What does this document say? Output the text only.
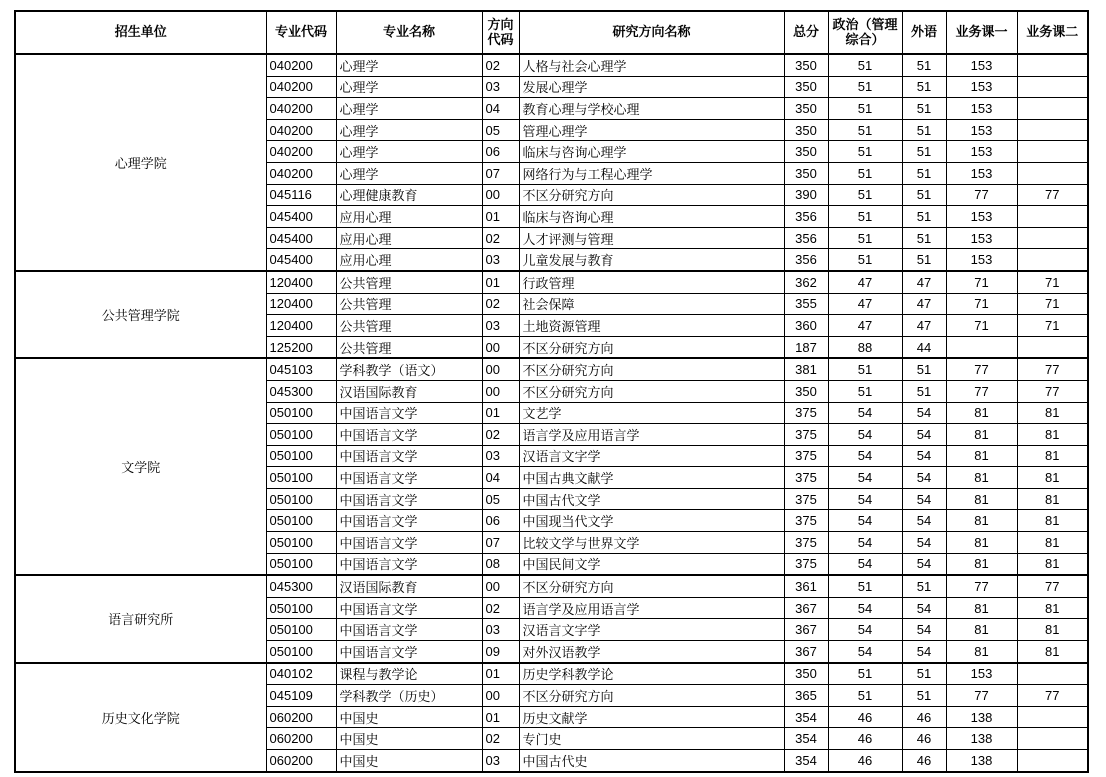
招生单位	专业代码	专业名称	方向代码	研究方向名称	总分	政治（管理综合）	外语	业务课一	业务课二
心理学院	040200	心理学	02	人格与社会心理学	350	51	51	153	
	040200	心理学	03	发展心理学	350	51	51	153	
	040200	心理学	04	教育心理与学校心理	350	51	51	153	
	040200	心理学	05	管理心理学	350	51	51	153	
	040200	心理学	06	临床与咨询心理学	350	51	51	153	
	040200	心理学	07	网络行为与工程心理学	350	51	51	153	
	045116	心理健康教育	00	不区分研究方向	390	51	51	77	77
	045400	应用心理	01	临床与咨询心理	356	51	51	153	
	045400	应用心理	02	人才评测与管理	356	51	51	153	
	045400	应用心理	03	儿童发展与教育	356	51	51	153	
公共管理学院	120400	公共管理	01	行政管理	362	47	47	71	71
	120400	公共管理	02	社会保障	355	47	47	71	71
	120400	公共管理	03	土地资源管理	360	47	47	71	71
	125200	公共管理	00	不区分研究方向	187	88	44		
文学院	045103	学科教学（语文）	00	不区分研究方向	381	51	51	77	77
	045300	汉语国际教育	00	不区分研究方向	350	51	51	77	77
	050100	中国语言文学	01	文艺学	375	54	54	81	81
	050100	中国语言文学	02	语言学及应用语言学	375	54	54	81	81
	050100	中国语言文学	03	汉语言文字学	375	54	54	81	81
	050100	中国语言文学	04	中国古典文献学	375	54	54	81	81
	050100	中国语言文学	05	中国古代文学	375	54	54	81	81
	050100	中国语言文学	06	中国现当代文学	375	54	54	81	81
	050100	中国语言文学	07	比较文学与世界文学	375	54	54	81	81
	050100	中国语言文学	08	中国民间文学	375	54	54	81	81
语言研究所	045300	汉语国际教育	00	不区分研究方向	361	51	51	77	77
	050100	中国语言文学	02	语言学及应用语言学	367	54	54	81	81
	050100	中国语言文学	03	汉语言文字学	367	54	54	81	81
	050100	中国语言文学	09	对外汉语教学	367	54	54	81	81
历史文化学院	040102	课程与教学论	01	历史学科教学论	350	51	51	153	
	045109	学科教学（历史）	00	不区分研究方向	365	51	51	77	77
	060200	中国史	01	历史文献学	354	46	46	138	
	060200	中国史	02	专门史	354	46	46	138	
	060200	中国史	03	中国古代史	354	46	46	138	
